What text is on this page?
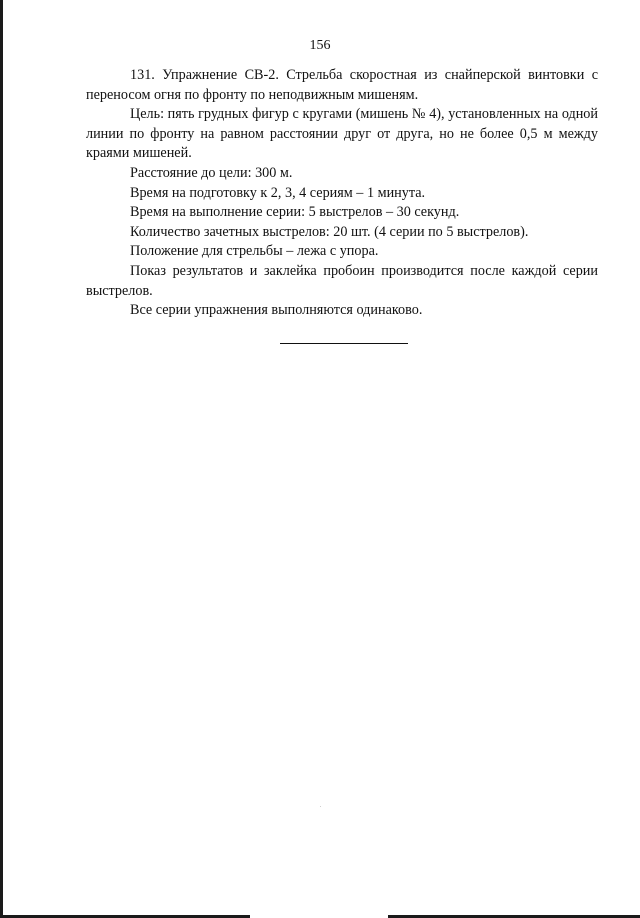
156

131. Упражнение СВ-2. Стрельба скоростная из снайперской винтовки с переносом огня по фронту по неподвижным мишеням.

Цель: пять грудных фигур с кругами (мишень № 4), установленных на одной линии по фронту на равном расстоянии друг от друга, но не более 0,5 м между краями мишеней.

Расстояние до цели: 300 м.

Время на подготовку к 2, 3, 4 сериям – 1 минута.

Время на выполнение серии: 5 выстрелов – 30 секунд.

Количество зачетных выстрелов: 20 шт. (4 серии по 5 выстрелов).

Положение для стрельбы – лежа с упора.

Показ результатов и заклейка пробоин производится после каждой серии выстрелов.

Все серии упражнения выполняются одинаково.
